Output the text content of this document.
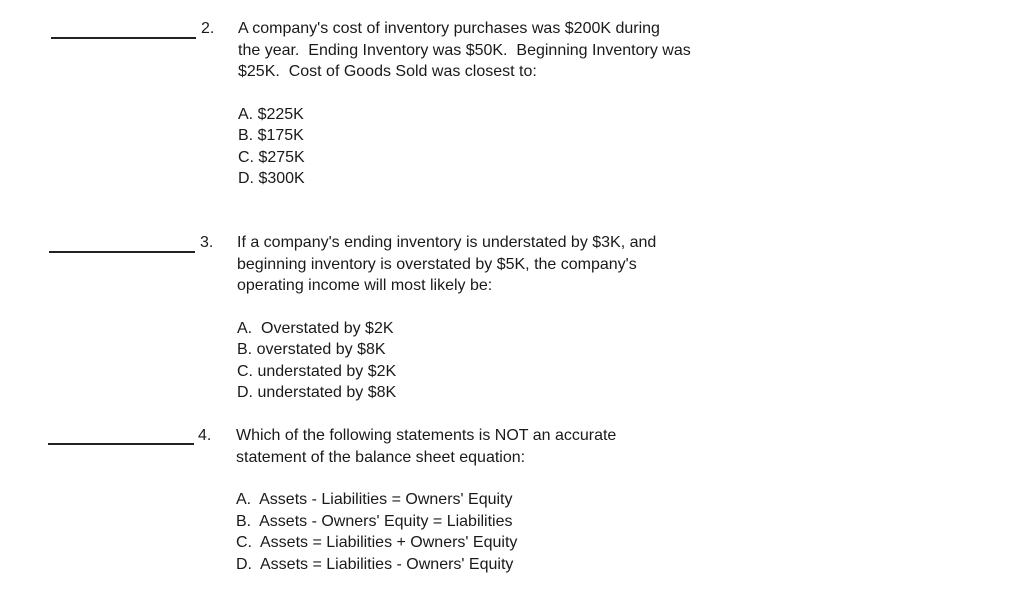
2. A company's cost of inventory purchases was $200K during
the year.  Ending Inventory was $50K.  Beginning Inventory was
$25K.  Cost of Goods Sold was closest to:
A. $225K
B. $175K
C. $275K
D. $300K
3. If a company's ending inventory is understated by $3K, and
beginning inventory is overstated by $5K, the company's
operating income will most likely be:
A.  Overstated by $2K
B. overstated by $8K
C. understated by $2K
D. understated by $8K
4. Which of the following statements is NOT an accurate
statement of the balance sheet equation:
A.  Assets - Liabilities = Owners' Equity
B.  Assets - Owners' Equity = Liabilities
C.  Assets = Liabilities + Owners' Equity
D.  Assets = Liabilities - Owners' Equity
